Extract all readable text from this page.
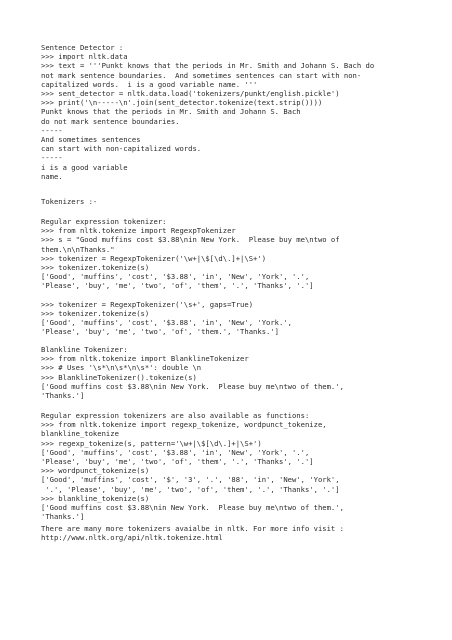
Sentence Detector :
>>> import nltk.data
>>> text = '''Punkt knows that the periods in Mr. Smith and Johann S. Bach do
not mark sentence boundaries.  And sometimes sentences can start with non-
capitalized words.  i is a good variable name. '''
>>> sent_detector = nltk.data.load('tokenizers/punkt/english.pickle')
>>> print('\n-----\n'.join(sent_detector.tokenize(text.strip())))
Punkt knows that the periods in Mr. Smith and Johann S. Bach
do not mark sentence boundaries.
-----
And sometimes sentences
can start with non-capitalized words.
-----
i is a good variable
name.
Tokenizers :-
Regular expression tokenizer:
>>> from nltk.tokenize import RegexpTokenizer
>>> s = "Good muffins cost $3.88\nin New York.  Please buy me\ntwo of
them.\n\nThanks."
>>> tokenizer = RegexpTokenizer('\w+|\$[\d\.]+|\S+')
>>> tokenizer.tokenize(s)
['Good', 'muffins', 'cost', '$3.88', 'in', 'New', 'York', '.',
'Please', 'buy', 'me', 'two', 'of', 'them', '.', 'Thanks', '.']

>>> tokenizer = RegexpTokenizer('\s+', gaps=True)
>>> tokenizer.tokenize(s)
['Good', 'muffins', 'cost', '$3.88', 'in', 'New', 'York.',
'Please', 'buy', 'me', 'two', 'of', 'them.', 'Thanks.']
Blankline Tokenizer:
>>> from nltk.tokenize import BlanklineTokenizer
>>> # Uses '\s*\n\s*\n\s*': double \n
>>> BlanklineTokenizer().tokenize(s)
['Good muffins cost $3.88\nin New York.  Please buy me\ntwo of them.',
'Thanks.']
Regular expression tokenizers are also available as functions:
>>> from nltk.tokenize import regexp_tokenize, wordpunct_tokenize,
blankline_tokenize
>>> regexp_tokenize(s, pattern='\w+|\$[\d\.]+|\S+')
['Good', 'muffins', 'cost', '$3.88', 'in', 'New', 'York', '.',
'Please', 'buy', 'me', 'two', 'of', 'them', '.', 'Thanks', '.']
>>> wordpunct_tokenize(s)
['Good', 'muffins', 'cost', '$', '3', '.', '88', 'in', 'New', 'York',
'.', 'Please', 'buy', 'me', 'two', 'of', 'them', '.', 'Thanks', '.']
>>> blankline_tokenize(s)
['Good muffins cost $3.88\nin New York.  Please buy me\ntwo of them.',
'Thanks.']
There are many more tokenizers avaialbe in nltk. For more info visit :
http://www.nltk.org/api/nltk.tokenize.html
